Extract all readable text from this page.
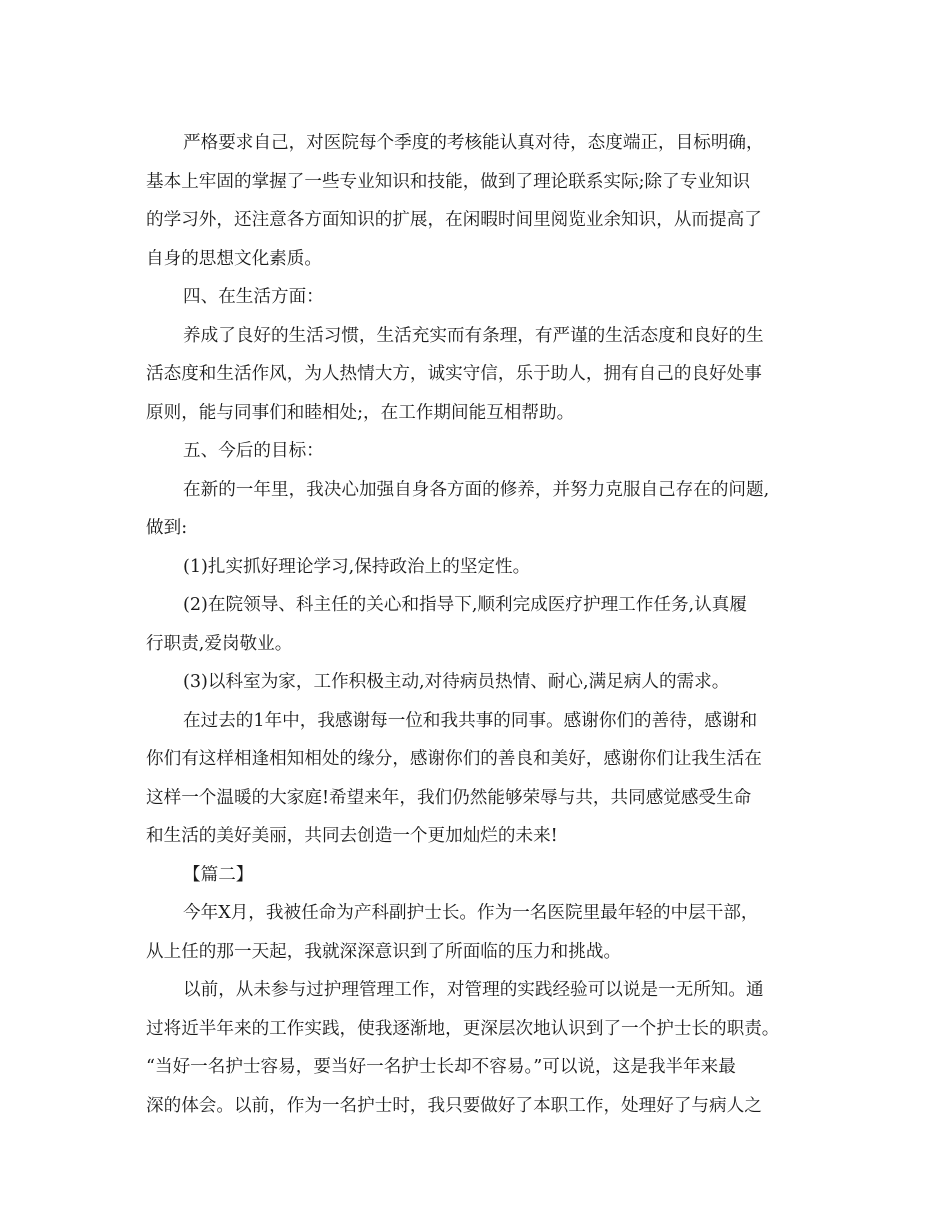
严格要求自己，对医院每个季度的考核能认真对待，态度端正，目标明确，
基本上牢固的掌握了一些专业知识和技能，做到了理论联系实际;除了专业知识
的学习外，还注意各方面知识的扩展，在闲暇时间里阅览业余知识，从而提高了
自身的思想文化素质。
四、在生活方面：
养成了良好的生活习惯，生活充实而有条理，有严谨的生活态度和良好的生
活态度和生活作风，为人热情大方，诚实守信，乐于助人，拥有自己的良好处事
原则，能与同事们和睦相处;，在工作期间能互相帮助。
五、今后的目标：
在新的一年里，我决心加强自身各方面的修养，并努力克服自己存在的问题,
做到:
(1)扎实抓好理论学习,保持政治上的坚定性。
(2)在院领导、科主任的关心和指导下,顺利完成医疗护理工作任务,认真履
行职责,爱岗敬业。
(3)以科室为家，工作积极主动,对待病员热情、耐心,满足病人的需求。
在过去的1年中，我感谢每一位和我共事的同事。感谢你们的善待，感谢和
你们有这样相逢相知相处的缘分，感谢你们的善良和美好，感谢你们让我生活在
这样一个温暖的大家庭!希望来年，我们仍然能够荣辱与共，共同感觉感受生命
和生活的美好美丽，共同去创造一个更加灿烂的未来!
【篇二】
今年X月，我被任命为产科副护士长。作为一名医院里最年轻的中层干部，
从上任的那一天起，我就深深意识到了所面临的压力和挑战。
以前，从未参与过护理管理工作，对管理的实践经验可以说是一无所知。通
过将近半年来的工作实践，使我逐渐地，更深层次地认识到了一个护士长的职责。
“当好一名护士容易，要当好一名护士长却不容易。”可以说，这是我半年来最
深的体会。以前，作为一名护士时，我只要做好了本职工作，处理好了与病人之
